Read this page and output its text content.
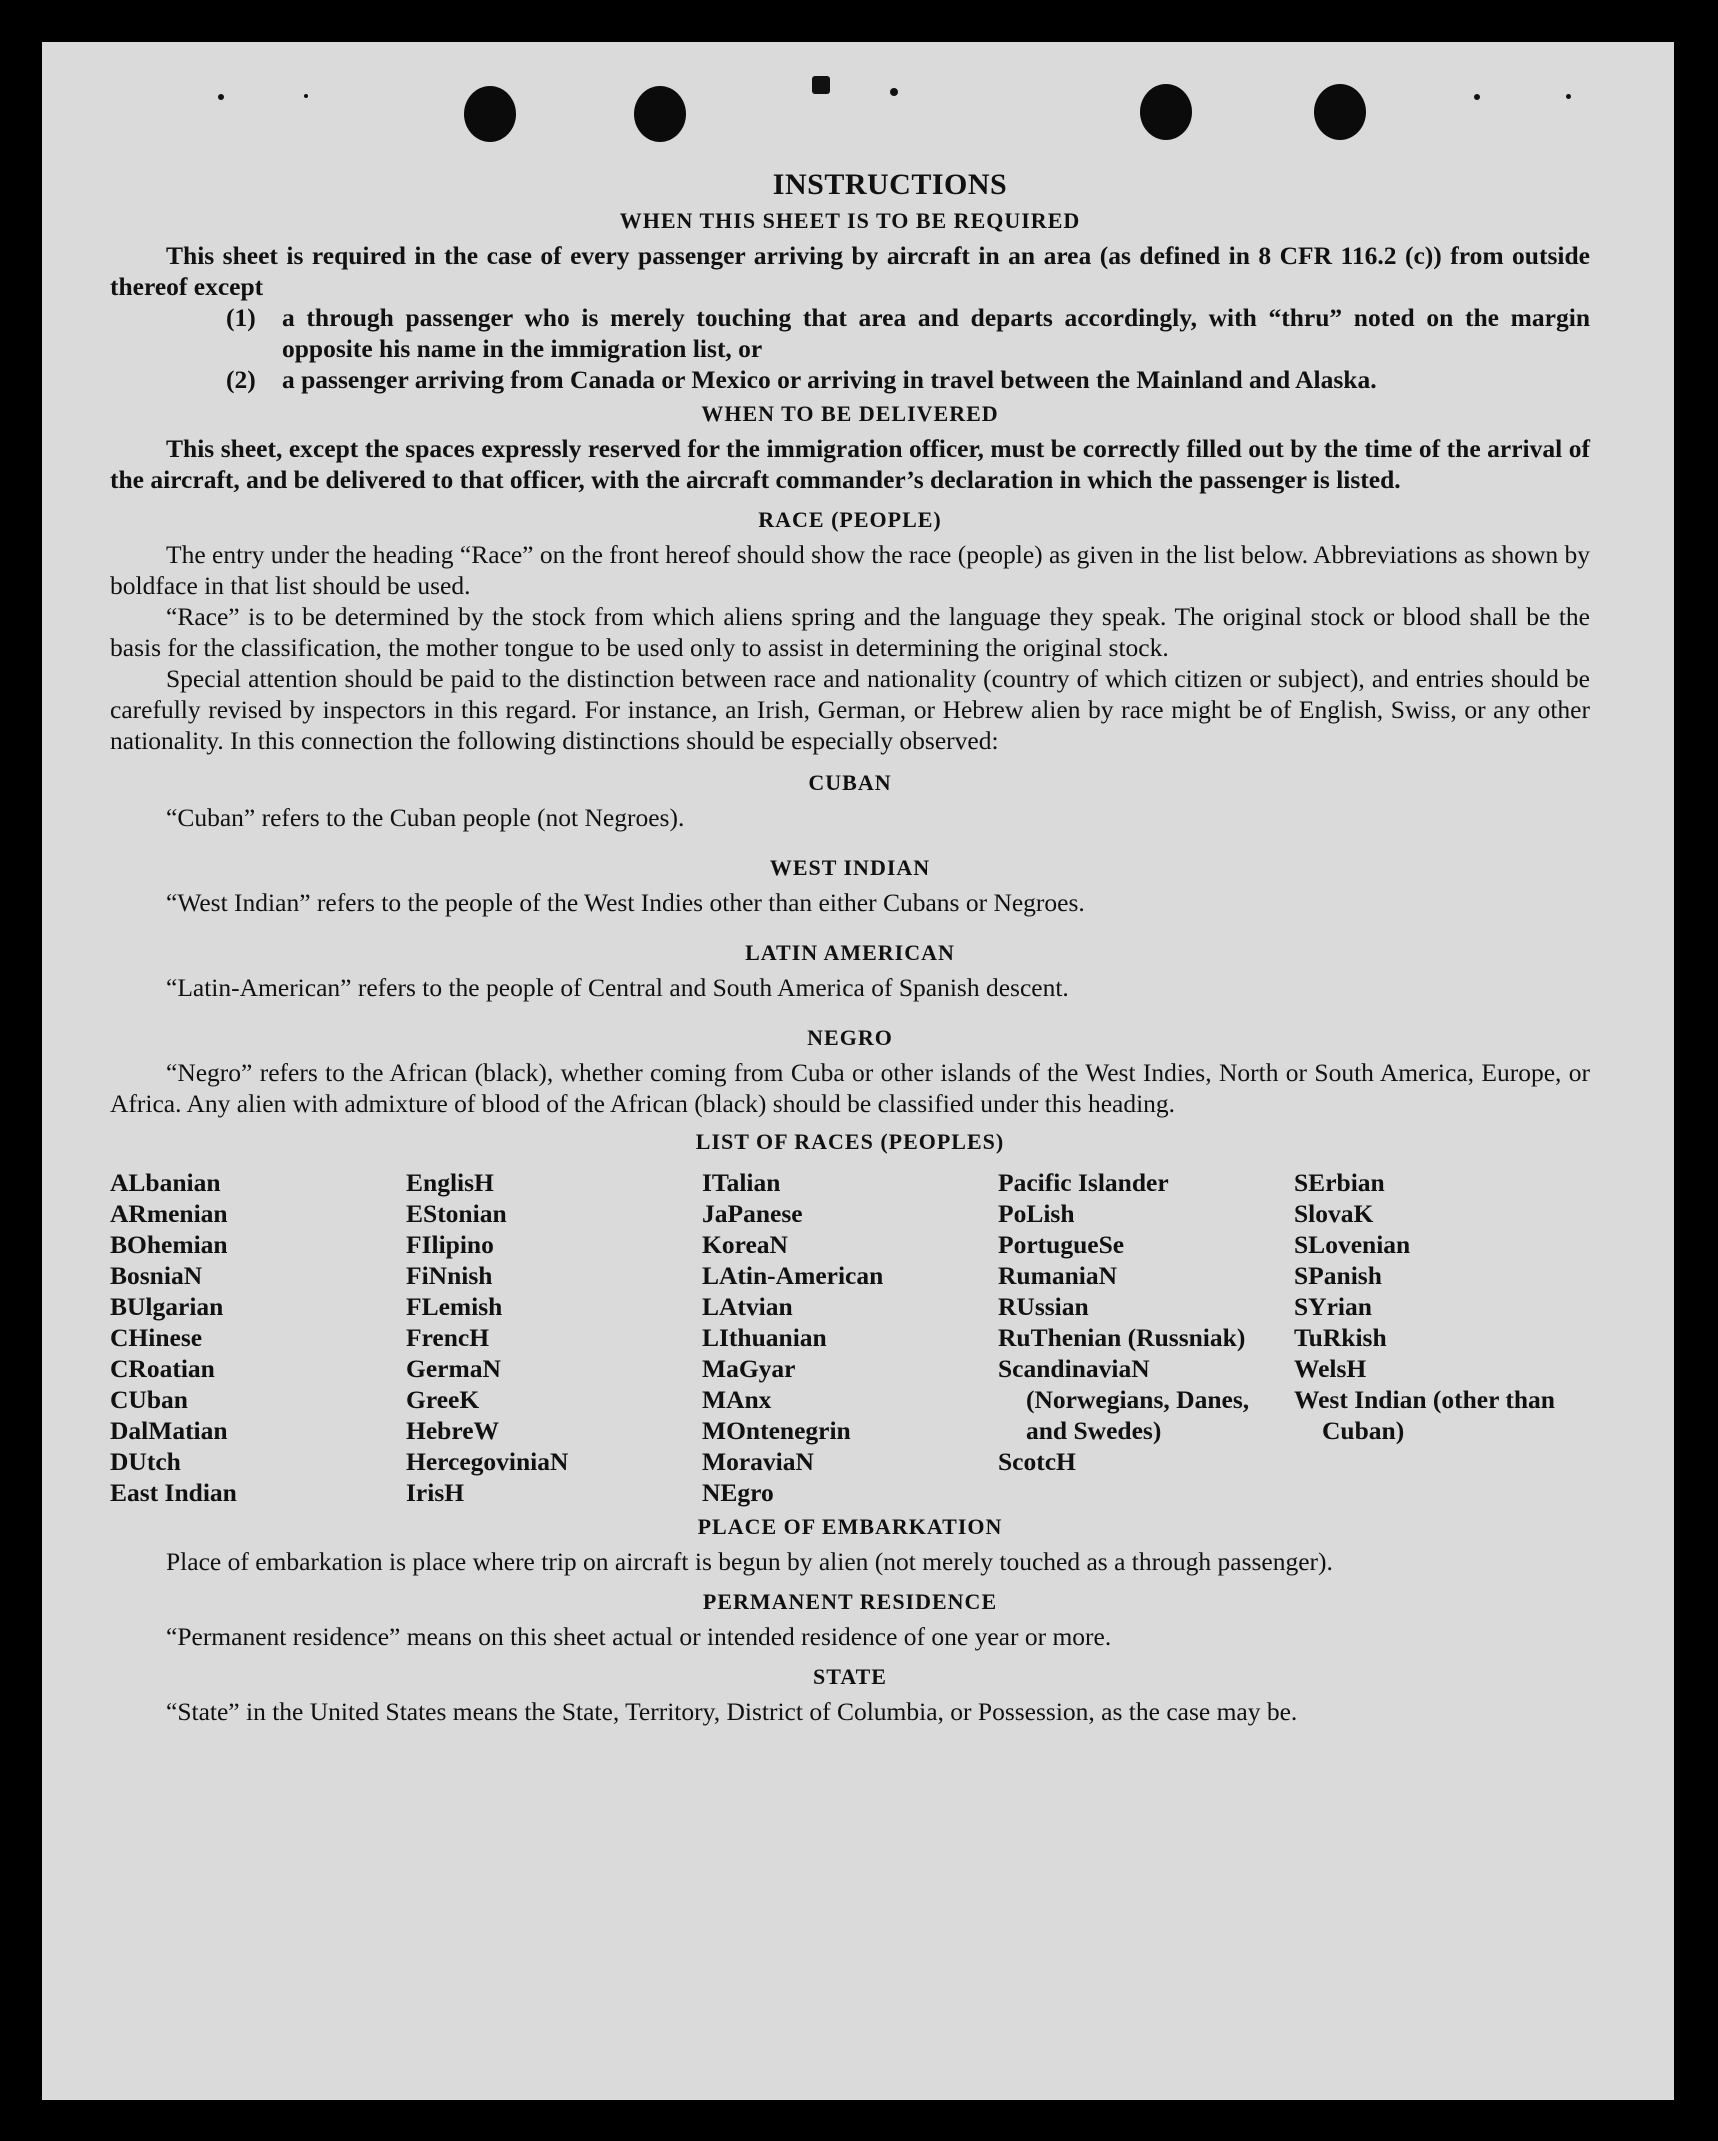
INSTRUCTIONS
WHEN THIS SHEET IS TO BE REQUIRED

This sheet is required in the case of every passenger arriving by aircraft in an area (as defined in 8 CFR 116.2 (c)) from outside thereof except

(1)	a through passenger who is merely touching that area and departs accordingly, with “thru” noted on the margin opposite his name in the immigration list, or
(2)	a passenger arriving from Canada or Mexico or arriving in travel between the Mainland and Alaska.
WHEN TO BE DELIVERED

This sheet, except the spaces expressly reserved for the immigration officer, must be correctly filled out by the time of the arrival of the aircraft, and be delivered to that officer, with the aircraft commander’s declaration in which the passenger is listed.

RACE (PEOPLE)

The entry under the heading “Race” on the front hereof should show the race (people) as given in the list below. Abbreviations as shown by boldface in that list should be used.

“Race” is to be determined by the stock from which aliens spring and the language they speak. The original stock or blood shall be the basis for the classification, the mother tongue to be used only to assist in determining the original stock.

Special attention should be paid to the distinction between race and nationality (country of which citizen or subject), and entries should be carefully revised by inspectors in this regard. For instance, an Irish, German, or Hebrew alien by race might be of English, Swiss, or any other nationality. In this connection the following distinctions should be especially observed:

CUBAN

“Cuban” refers to the Cuban people (not Negroes).

WEST INDIAN

“West Indian” refers to the people of the West Indies other than either Cubans or Negroes.

LATIN AMERICAN

“Latin-American” refers to the people of Central and South America of Spanish descent.

NEGRO

“Negro” refers to the African (black), whether coming from Cuba or other islands of the West Indies, North or South America, Europe, or Africa. Any alien with admixture of blood of the African (black) should be classified under this heading.

LIST OF RACES (PEOPLES)
ALbanian
ARmenian
BOhemian
BosniaN
BUlgarian
CHinese
CRoatian
CUban
DalMatian
DUtch
East Indian
EnglisH
EStonian
FIlipino
FiNnish
FLemish
FrencH
GermaN
GreeK
HebreW
HercegoviniaN
IrisH
ITalian
JaPanese
KoreaN
LAtin-American
LAtvian
LIthuanian
MaGyar
MAnx
MOntenegrin
MoraviaN
NEgro
Pacific Islander
PoLish
PortugueSe
RumaniaN
RUssian
RuThenian (Russniak)
ScandinaviaN (Norwegians, Danes, and Swedes)
ScotcH
SErbian
SlovaK
SLovenian
SPanish
SYrian
TuRkish
WelsH
West Indian (other than Cuban)
PLACE OF EMBARKATION

Place of embarkation is place where trip on aircraft is begun by alien (not merely touched as a through passenger).

PERMANENT RESIDENCE

“Permanent residence” means on this sheet actual or intended residence of one year or more.

STATE

“State” in the United States means the State, Territory, District of Columbia, or Possession, as the case may be.
